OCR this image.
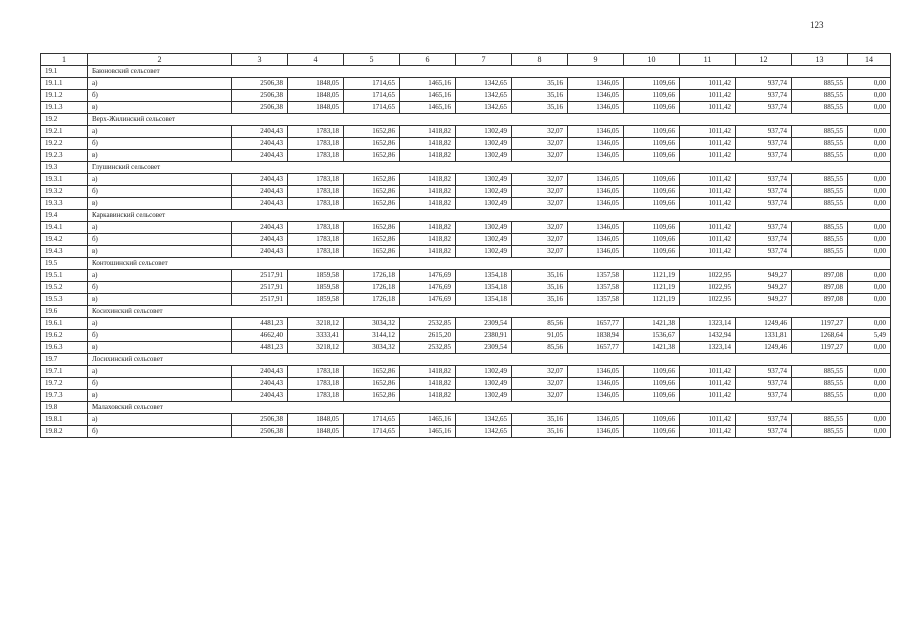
123
1	2	3	4	5	6	7	8	9	10	11	12	13	14
19.1	Баюновский сельсовет												
19.1.1	а)	2506,38	1848,05	1714,65	1465,16	1342,65	35,16	1346,05	1109,66	1011,42	937,74	885,55	0,00
19.1.2	б)	2506,38	1848,05	1714,65	1465,16	1342,65	35,16	1346,05	1109,66	1011,42	937,74	885,55	0,00
19.1.3	в)	2506,38	1848,05	1714,65	1465,16	1342,65	35,16	1346,05	1109,66	1011,42	937,74	885,55	0,00
19.2	Верх-Жилинский сельсовет												
19.2.1	а)	2404,43	1783,18	1652,86	1418,82	1302,49	32,07	1346,05	1109,66	1011,42	937,74	885,55	0,00
19.2.2	б)	2404,43	1783,18	1652,86	1418,82	1302,49	32,07	1346,05	1109,66	1011,42	937,74	885,55	0,00
19.2.3	в)	2404,43	1783,18	1652,86	1418,82	1302,49	32,07	1346,05	1109,66	1011,42	937,74	885,55	0,00
19.3	Глушинский сельсовет												
19.3.1	а)	2404,43	1783,18	1652,86	1418,82	1302,49	32,07	1346,05	1109,66	1011,42	937,74	885,55	0,00
19.3.2	б)	2404,43	1783,18	1652,86	1418,82	1302,49	32,07	1346,05	1109,66	1011,42	937,74	885,55	0,00
19.3.3	в)	2404,43	1783,18	1652,86	1418,82	1302,49	32,07	1346,05	1109,66	1011,42	937,74	885,55	0,00
19.4	Каркавинский сельсовет												
19.4.1	а)	2404,43	1783,18	1652,86	1418,82	1302,49	32,07	1346,05	1109,66	1011,42	937,74	885,55	0,00
19.4.2	б)	2404,43	1783,18	1652,86	1418,82	1302,49	32,07	1346,05	1109,66	1011,42	937,74	885,55	0,00
19.4.3	в)	2404,43	1783,18	1652,86	1418,82	1302,49	32,07	1346,05	1109,66	1011,42	937,74	885,55	0,00
19.5	Контошинский сельсовет												
19.5.1	а)	2517,91	1859,58	1726,18	1476,69	1354,18	35,16	1357,58	1121,19	1022,95	949,27	897,08	0,00
19.5.2	б)	2517,91	1859,58	1726,18	1476,69	1354,18	35,16	1357,58	1121,19	1022,95	949,27	897,08	0,00
19.5.3	в)	2517,91	1859,58	1726,18	1476,69	1354,18	35,16	1357,58	1121,19	1022,95	949,27	897,08	0,00
19.6	Косихинский сельсовет												
19.6.1	а)	4481,23	3218,12	3034,32	2532,85	2309,54	85,56	1657,77	1421,38	1323,14	1249,46	1197,27	0,00
19.6.2	б)	4662,40	3333,41	3144,12	2615,20	2380,91	91,05	1838,94	1536,67	1432,94	1331,81	1268,64	5,49
19.6.3	в)	4481,23	3218,12	3034,32	2532,85	2309,54	85,56	1657,77	1421,38	1323,14	1249,46	1197,27	0,00
19.7	Лосихинский сельсовет												
19.7.1	а)	2404,43	1783,18	1652,86	1418,82	1302,49	32,07	1346,05	1109,66	1011,42	937,74	885,55	0,00
19.7.2	б)	2404,43	1783,18	1652,86	1418,82	1302,49	32,07	1346,05	1109,66	1011,42	937,74	885,55	0,00
19.7.3	в)	2404,43	1783,18	1652,86	1418,82	1302,49	32,07	1346,05	1109,66	1011,42	937,74	885,55	0,00
19.8	Малаховский сельсовет												
19.8.1	а)	2506,38	1848,05	1714,65	1465,16	1342,65	35,16	1346,05	1109,66	1011,42	937,74	885,55	0,00
19.8.2	б)	2506,38	1848,05	1714,65	1465,16	1342,65	35,16	1346,05	1109,66	1011,42	937,74	885,55	0,00
